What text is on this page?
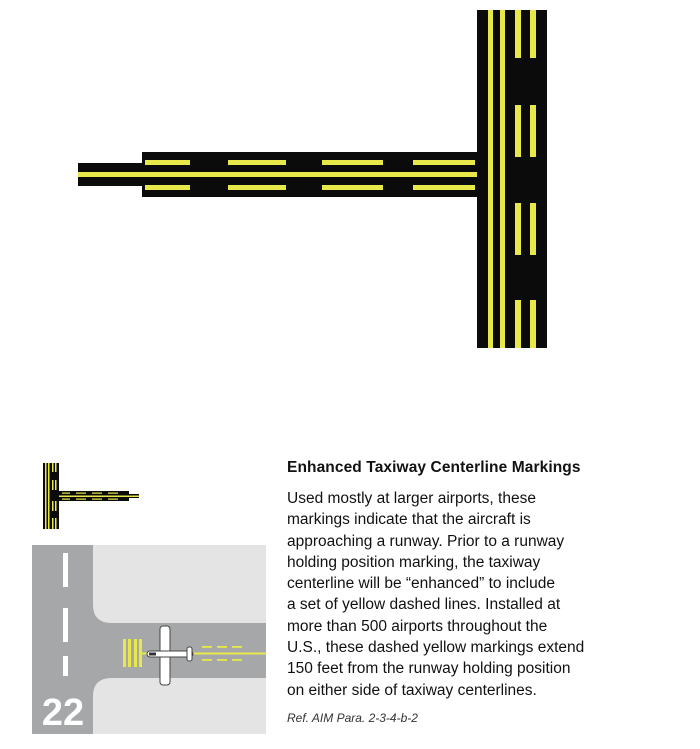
22
Enhanced Taxiway Centerline Markings
Used mostly at larger airports, these
markings indicate that the aircraft is
approaching a runway. Prior to a runway
holding position marking, the taxiway
centerline will be “enhanced” to include
a set of yellow dashed lines. Installed at
more than 500 airports throughout the
U.S., these dashed yellow markings extend
150 feet from the runway holding position
on either side of taxiway centerlines.
Ref. AIM Para. 2-3-4-b-2
